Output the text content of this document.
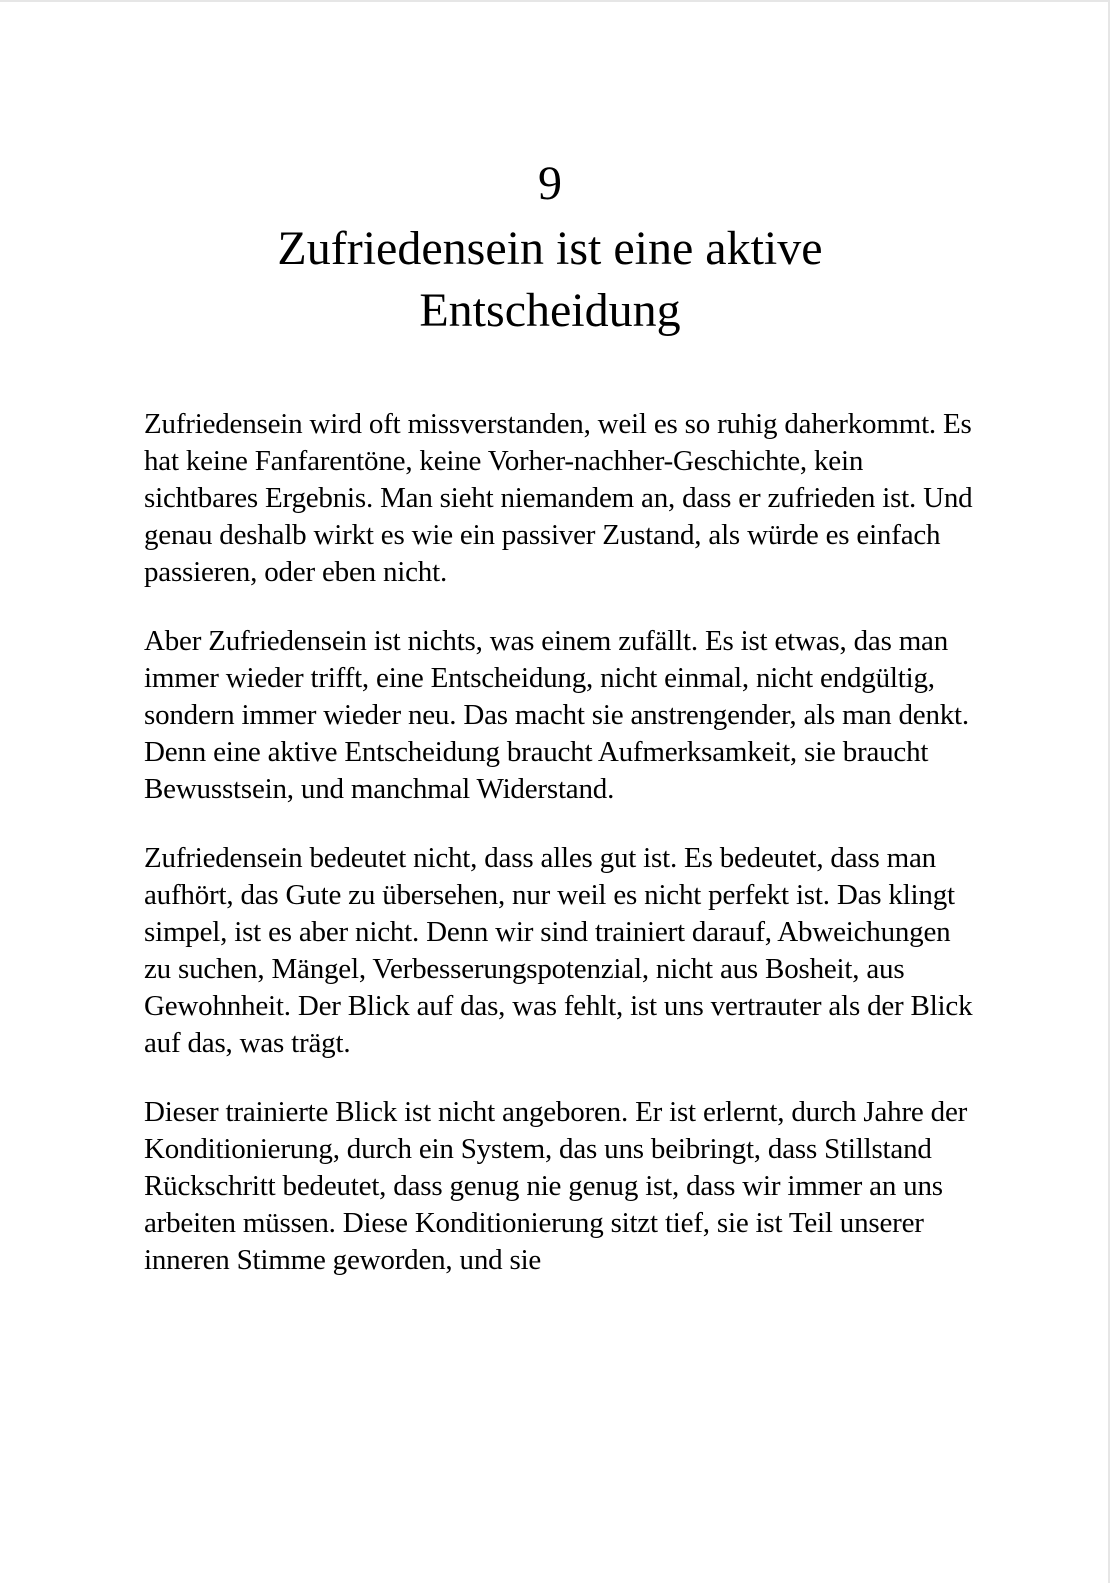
9
Zufriedensein ist eine aktive Entscheidung

Zufriedensein wird oft missverstanden, weil es so ruhig daherkommt. Es hat keine Fanfarentöne, keine Vorher-nachher-Geschichte, kein sichtbares Ergebnis. Man sieht niemandem an, dass er zufrieden ist. Und genau deshalb wirkt es wie ein passiver Zustand, als würde es einfach passieren, oder eben nicht.

Aber Zufriedensein ist nichts, was einem zufällt. Es ist etwas, das man immer wieder trifft, eine Entscheidung, nicht einmal, nicht endgültig, sondern immer wieder neu. Das macht sie anstrengender, als man denkt. Denn eine aktive Entscheidung braucht Aufmerksamkeit, sie braucht Bewusstsein, und manchmal Widerstand.

Zufriedensein bedeutet nicht, dass alles gut ist. Es bedeutet, dass man aufhört, das Gute zu übersehen, nur weil es nicht perfekt ist. Das klingt simpel, ist es aber nicht. Denn wir sind trainiert darauf, Abweichungen zu suchen, Mängel, Verbesserungspotenzial, nicht aus Bosheit, aus Gewohnheit. Der Blick auf das, was fehlt, ist uns vertrauter als der Blick auf das, was trägt.

Dieser trainierte Blick ist nicht angeboren. Er ist erlernt, durch Jahre der Konditionierung, durch ein System, das uns beibringt, dass Stillstand Rückschritt bedeutet, dass genug nie genug ist, dass wir immer an uns arbeiten müssen. Diese Konditionierung sitzt tief, sie ist Teil unserer inneren Stimme geworden, und sie
